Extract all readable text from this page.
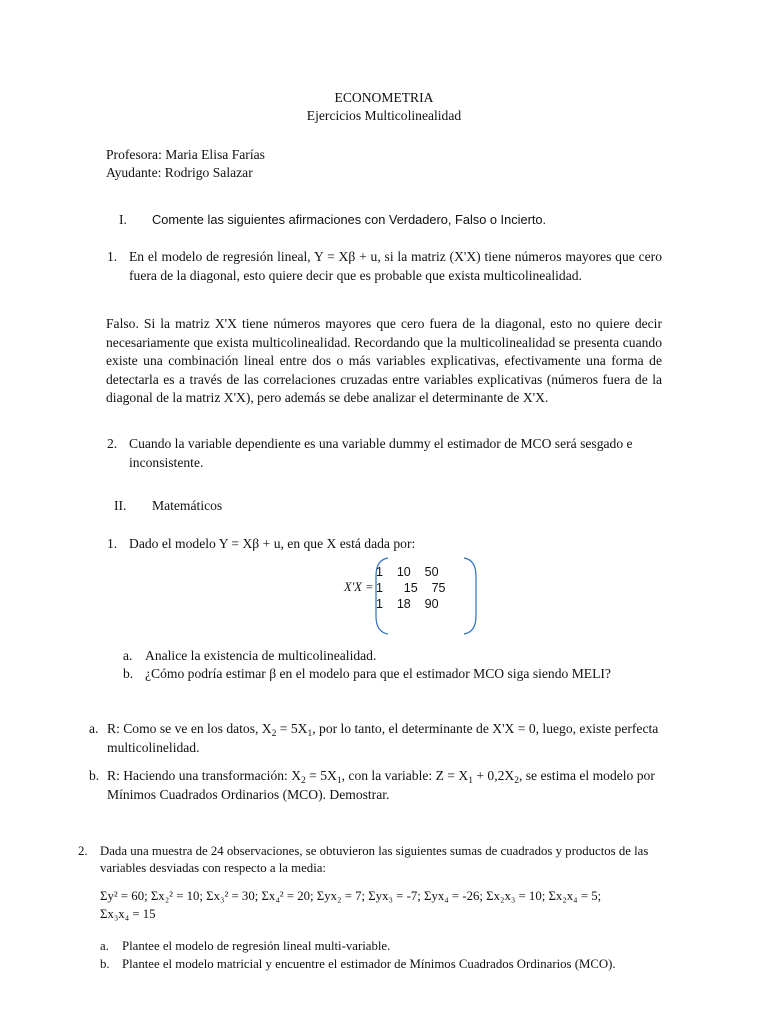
ECONOMETRIA
Ejercicios Multicolinealidad
Profesora: Maria Elisa Farías
Ayudante: Rodrigo Salazar
I. Comente las siguientes afirmaciones con Verdadero, Falso o Incierto.
1. En el modelo de regresión lineal, Y = Xβ + u, si la matriz (X'X) tiene números mayores que cero fuera de la diagonal, esto quiere decir que es probable que exista multicolinealidad.
Falso. Si la matriz X'X tiene números mayores que cero fuera de la diagonal, esto no quiere decir necesariamente que exista multicolinealidad. Recordando que la multicolinealidad se presenta cuando existe una combinación lineal entre dos o más variables explicativas, efectivamente una forma de detectarla es a través de las correlaciones cruzadas entre variables explicativas (números fuera de la diagonal de la matriz X'X), pero además se debe analizar el determinante de X'X.
2. Cuando la variable dependiente es una variable dummy el estimador de MCO será sesgado e inconsistente.
II. Matemáticos
1. Dado el modelo Y = Xβ + u, en que X está dada por:
X'X =
1    10    50
1      15    75
1    18    90
a. Analice la existencia de multicolinealidad.
b. ¿Cómo podría estimar β en el modelo para que el estimador MCO siga siendo MELI?
a. R: Como se ve en los datos, $X_2 = 5X_1$, por lo tanto, el determinante de X'X = 0, luego, existe perfecta multicolinelidad.
b. R: Haciendo una transformación: $X_2 = 5X_1$, con la variable: $Z = X_1 + 0,2X_2$, se estima el modelo por Mínimos Cuadrados Ordinarios (MCO). Demostrar.
2. Dada una muestra de 24 observaciones, se obtuvieron las siguientes sumas de cuadrados y productos de las variables desviadas con respecto a la media:
Σy² = 60; Σx₂² = 10; Σx₃² = 30; Σx₄² = 20; Σyx₂ = 7; Σyx₃ = -7; Σyx₄ = -26; Σx₂x₃ = 10; Σx₂x₄ = 5;
Σx₃x₄ = 15
a. Plantee el modelo de regresión lineal multi-variable.
b. Plantee el modelo matricial y encuentre el estimador de Mínimos Cuadrados Ordinarios (MCO).
